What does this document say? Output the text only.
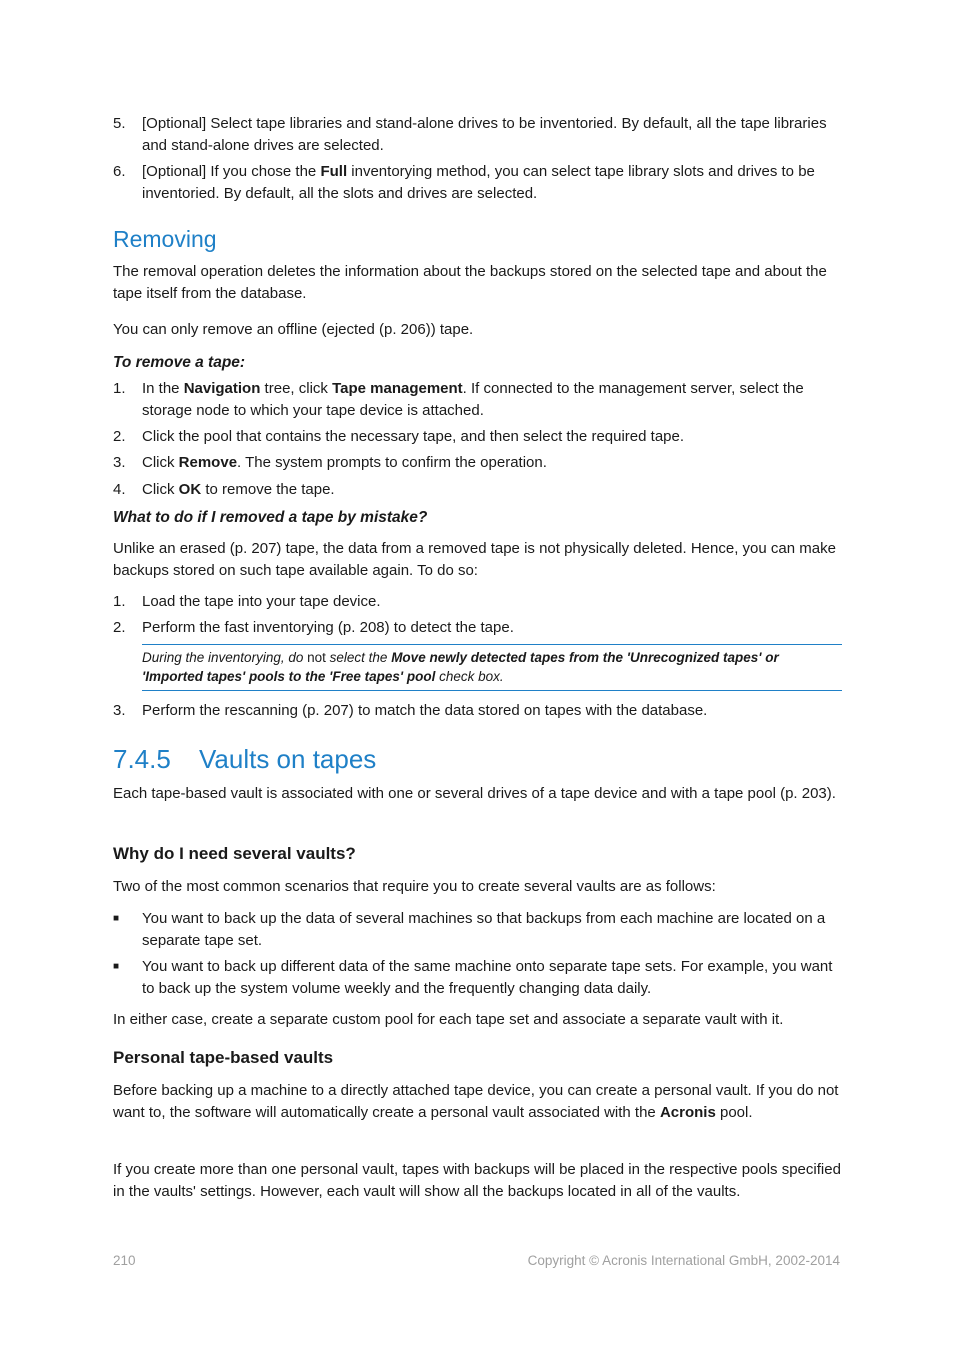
5.	[Optional] Select tape libraries and stand-alone drives to be inventoried. By default, all the tape libraries and stand-alone drives are selected.
6.	[Optional] If you chose the Full inventorying method, you can select tape library slots and drives to be inventoried. By default, all the slots and drives are selected.
Removing
The removal operation deletes the information about the backups stored on the selected tape and about the tape itself from the database.
You can only remove an offline (ejected (p. 206)) tape.
To remove a tape:
1.	In the Navigation tree, click Tape management. If connected to the management server, select the storage node to which your tape device is attached.
2.	Click the pool that contains the necessary tape, and then select the required tape.
3.	Click Remove. The system prompts to confirm the operation.
4.	Click OK to remove the tape.
What to do if I removed a tape by mistake?
Unlike an erased (p. 207) tape, the data from a removed tape is not physically deleted. Hence, you can make backups stored on such tape available again. To do so:
1.	Load the tape into your tape device.
2.	Perform the fast inventorying (p. 208) to detect the tape.
During the inventorying, do not select the Move newly detected tapes from the 'Unrecognized tapes' or 'Imported tapes' pools to the 'Free tapes' pool check box.
3.	Perform the rescanning (p. 207) to match the data stored on tapes with the database.
7.4.5 Vaults on tapes
Each tape-based vault is associated with one or several drives of a tape device and with a tape pool (p. 203).
Why do I need several vaults?
Two of the most common scenarios that require you to create several vaults are as follows:
■ You want to back up the data of several machines so that backups from each machine are located on a separate tape set.
■ You want to back up different data of the same machine onto separate tape sets. For example, you want to back up the system volume weekly and the frequently changing data daily.
In either case, create a separate custom pool for each tape set and associate a separate vault with it.
Personal tape-based vaults
Before backing up a machine to a directly attached tape device, you can create a personal vault. If you do not want to, the software will automatically create a personal vault associated with the Acronis pool.
If you create more than one personal vault, tapes with backups will be placed in the respective pools specified in the vaults' settings. However, each vault will show all the backups located in all of the vaults.
210	Copyright © Acronis International GmbH, 2002-2014
